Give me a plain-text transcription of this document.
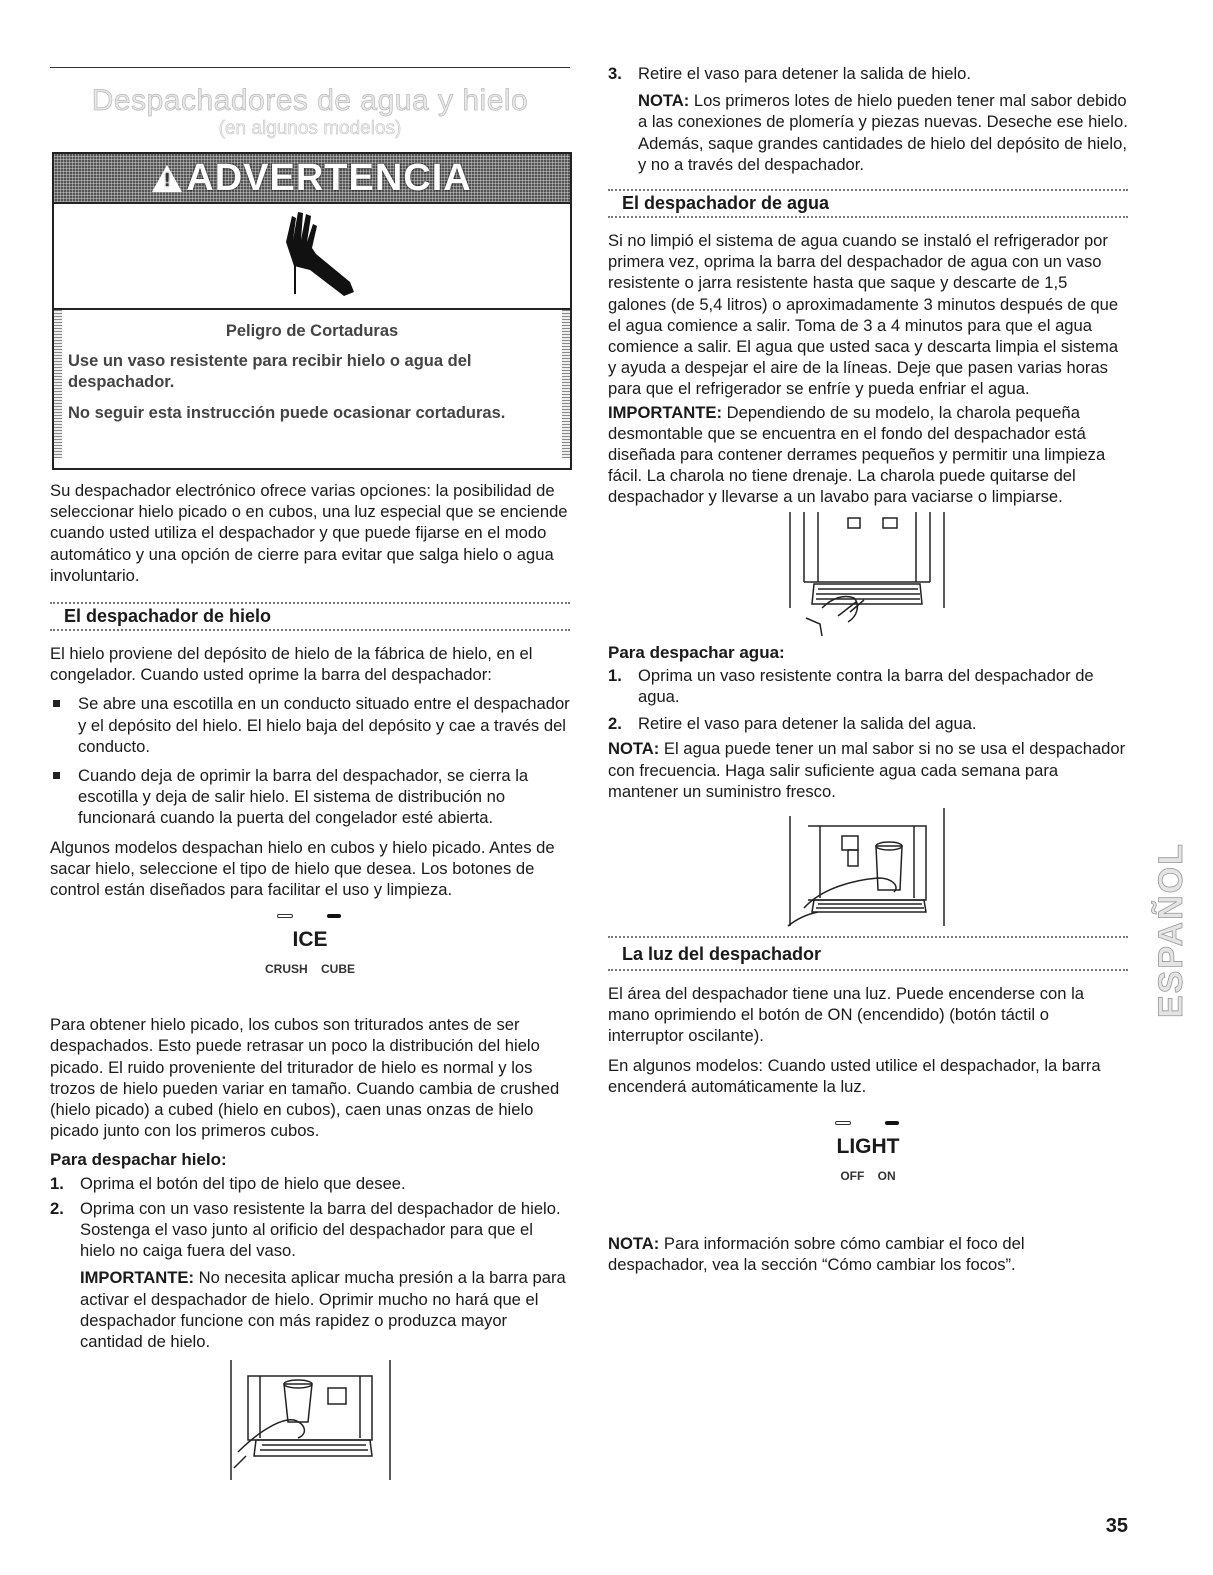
Despachadores de agua y hielo
(en algunos modelos)
!
ADVERTENCIA
Peligro de Cortaduras
Use un vaso resistente para recibir hielo o agua del despachador.
No seguir esta instrucción puede ocasionar cortaduras.

Su despachador electrónico ofrece varias opciones: la posibilidad de seleccionar hielo picado o en cubos, una luz especial que se enciende cuando usted utiliza el despachador y que puede fijarse en el modo automático y una opción de cierre para evitar que salga hielo o agua involuntario.

El despachador de hielo

El hielo proviene del depósito de hielo de la fábrica de hielo, en el congelador. Cuando usted oprime la barra del despachador:

Se abre una escotilla en un conducto situado entre el despachador y el depósito del hielo. El hielo baja del depósito y cae a través del conducto.
Cuando deja de oprimir la barra del despachador, se cierra la escotilla y deja de salir hielo. El sistema de distribución no funcionará cuando la puerta del congelador esté abierta.

Algunos modelos despachan hielo en cubos y hielo picado. Antes de sacar hielo, seleccione el tipo de hielo que desea. Los botones de control están diseñados para facilitar el uso y limpieza.

ICE
CRUSH CUBE

Para obtener hielo picado, los cubos son triturados antes de ser despachados. Esto puede retrasar un poco la distribución del hielo picado. El ruido proveniente del triturador de hielo es normal y los trozos de hielo pueden variar en tamaño. Cuando cambia de crushed (hielo picado) a cubed (hielo en cubos), caen unas onzas de hielo picado junto con los primeros cubos.

Para despachar hielo:

1. Oprima el botón del tipo de hielo que desee.
2. Oprima con un vaso resistente la barra del despachador de hielo. Sostenga el vaso junto al orificio del despachador para que el hielo no caiga fuera del vaso.
IMPORTANTE: No necesita aplicar mucha presión a la barra para activar el despachador de hielo. Oprimir mucho no hará que el despachador funcione con más rapidez o produzca mayor cantidad de hielo.
3. Retire el vaso para detener la salida de hielo.
NOTA: Los primeros lotes de hielo pueden tener mal sabor debido a las conexiones de plomería y piezas nuevas. Deseche ese hielo. Además, saque grandes cantidades de hielo del depósito de hielo, y no a través del despachador.
El despachador de agua

Si no limpió el sistema de agua cuando se instaló el refrigerador por primera vez, oprima la barra del despachador de agua con un vaso resistente o jarra resistente hasta que saque y descarte de 1,5 galones (de 5,4 litros) o aproximadamente 3 minutos después de que el agua comience a salir. Toma de 3 a 4 minutos para que el agua comience a salir. El agua que usted saca y descarta limpia el sistema y ayuda a despejar el aire de la líneas. Deje que pasen varias horas para que el refrigerador se enfríe y pueda enfriar el agua.

IMPORTANTE: Dependiendo de su modelo, la charola pequeña desmontable que se encuentra en el fondo del despachador está diseñada para contener derrames pequeños y permitir una limpieza fácil. La charola no tiene drenaje. La charola puede quitarse del despachador y llevarse a un lavabo para vaciarse o limpiarse.

Para despachar agua:

1. Oprima un vaso resistente contra la barra del despachador de agua.
2. Retire el vaso para detener la salida del agua.

NOTA: El agua puede tener un mal sabor si no se usa el despachador con frecuencia. Haga salir suficiente agua cada semana para mantener un suministro fresco.

La luz del despachador

El área del despachador tiene una luz. Puede encenderse con la mano oprimiendo el botón de ON (encendido) (botón táctil o interruptor oscilante).

En algunos modelos: Cuando usted utilice el despachador, la barra encenderá automáticamente la luz.

LIGHT
OFF ON

NOTA: Para información sobre cómo cambiar el foco del despachador, vea la sección “Cómo cambiar los focos”.

ESPAÑOL
35
